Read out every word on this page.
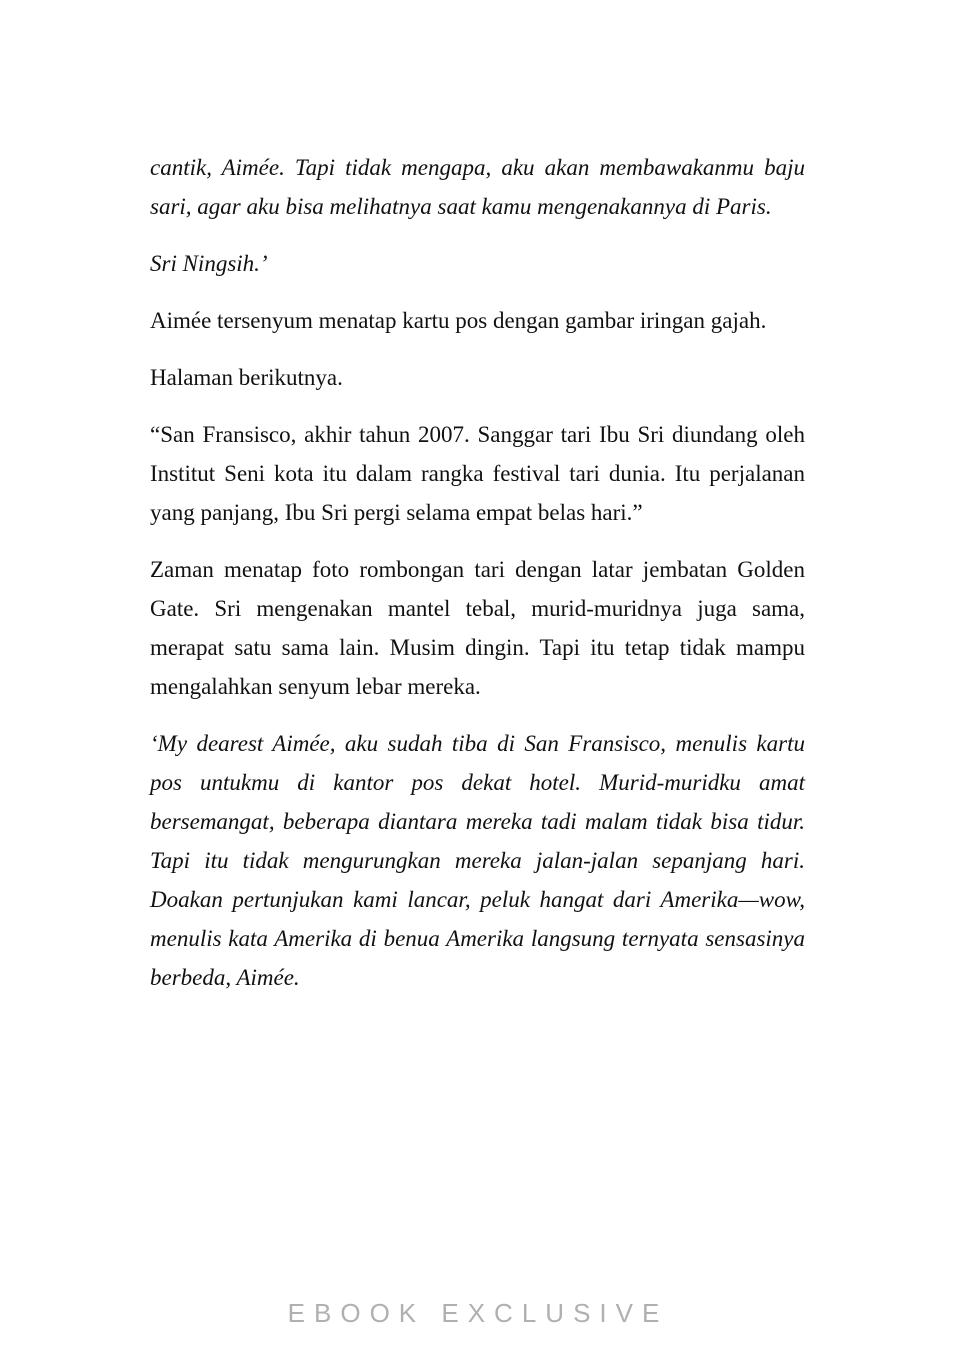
cantik, Aimée. Tapi tidak mengapa, aku akan membawakanmu baju sari, agar aku bisa melihatnya saat kamu mengenakannya di Paris.

Sri Ningsih.’

Aimée tersenyum menatap kartu pos dengan gambar iringan gajah.

Halaman berikutnya.

“San Fransisco, akhir tahun 2007. Sanggar tari Ibu Sri diundang oleh Institut Seni kota itu dalam rangka festival tari dunia. Itu perjalanan yang panjang, Ibu Sri pergi selama empat belas hari.”

Zaman menatap foto rombongan tari dengan latar jembatan Golden Gate. Sri mengenakan mantel tebal, murid-muridnya juga sama, merapat satu sama lain. Musim dingin. Tapi itu tetap tidak mampu mengalahkan senyum lebar mereka.

‘My dearest Aimée, aku sudah tiba di San Fransisco, menulis kartu pos untukmu di kantor pos dekat hotel. Murid-muridku amat bersemangat, beberapa diantara mereka tadi malam tidak bisa tidur. Tapi itu tidak mengurungkan mereka jalan-jalan sepanjang hari. Doakan pertunjukan kami lancar, peluk hangat dari Amerika—wow, menulis kata Amerika di benua Amerika langsung ternyata sensasinya berbeda, Aimée.

EBOOK EXCLUSIVE
